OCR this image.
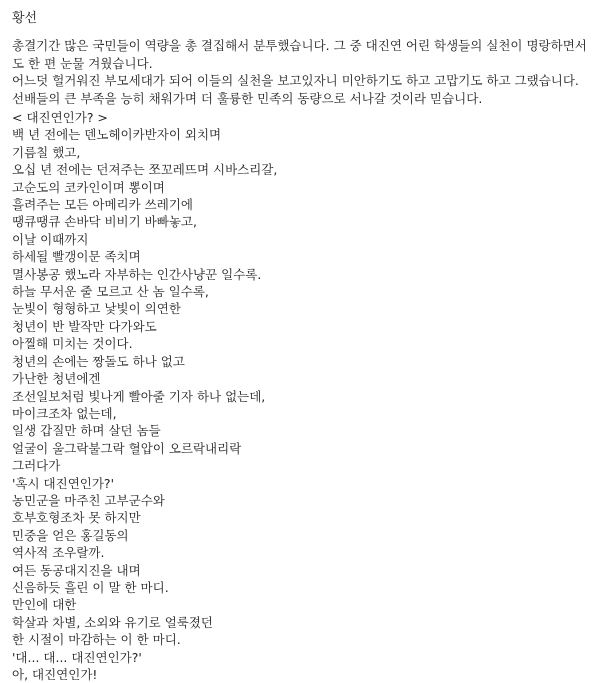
황선

총결기간 많은 국민들이 역량을 총 결집해서 분투했습니다. 그 중 대진연 어린 학생들의 실천이 명랑하면서도 한 편 눈물 겨웠습니다.

어느덧 헐거워진 부모세대가 되어 이들의 실천을 보고있자니 미안하기도 하고 고맙기도 하고 그랬습니다. 선배들의 큰 부족을 능히 채워가며 더 훌륭한 민족의 동량으로 서나갈 것이라 믿습니다.

< 대진연인가? >
백 년 전에는 덴노헤이카반자이 외치며
기름칠 했고,
오십 년 전에는 던져주는 쪼꼬레뜨며 시바스리갈,
고순도의 코카인이며 뽕이며
흘려주는 모든 아메리카 쓰레기에
땡큐땡큐 손바닥 비비기 바빠놓고,
이날 이때까지
하세될 빨갱이문 족치며
멸사봉공 했노라 자부하는 인간사냥꾼 일수록.
하늘 무서운 줄 모르고 산 놈 일수록,
눈빛이 형형하고 낯빛이 의연한
청년이 반 발작만 다가와도
아찔해 미치는 것이다.
청년의 손에는 짱돌도 하나 없고
가난한 청년에겐
조선일보처럼 빛나게 빨아줄 기자 하나 없는데,
마이크조차 없는데,
일생 갑질만 하며 살던 놈들
얼굴이 울그락불그락 혈압이 오르락내리락
그러다가
'혹시 대진연인가?'
농민군을 마주친 고부군수와
호부호형조차 못 하지만
민중을 얻은 홍길동의
역사적 조우랄까.
여든 동공대지진을 내며
신음하듯 흘린 이 말 한 마디.
만인에 대한
학살과 차별, 소외와 유기로 얼룩졌던
한 시절이 마감하는 이 한 마디.
'대... 대... 대진연인가?'
아, 대진연인가!
